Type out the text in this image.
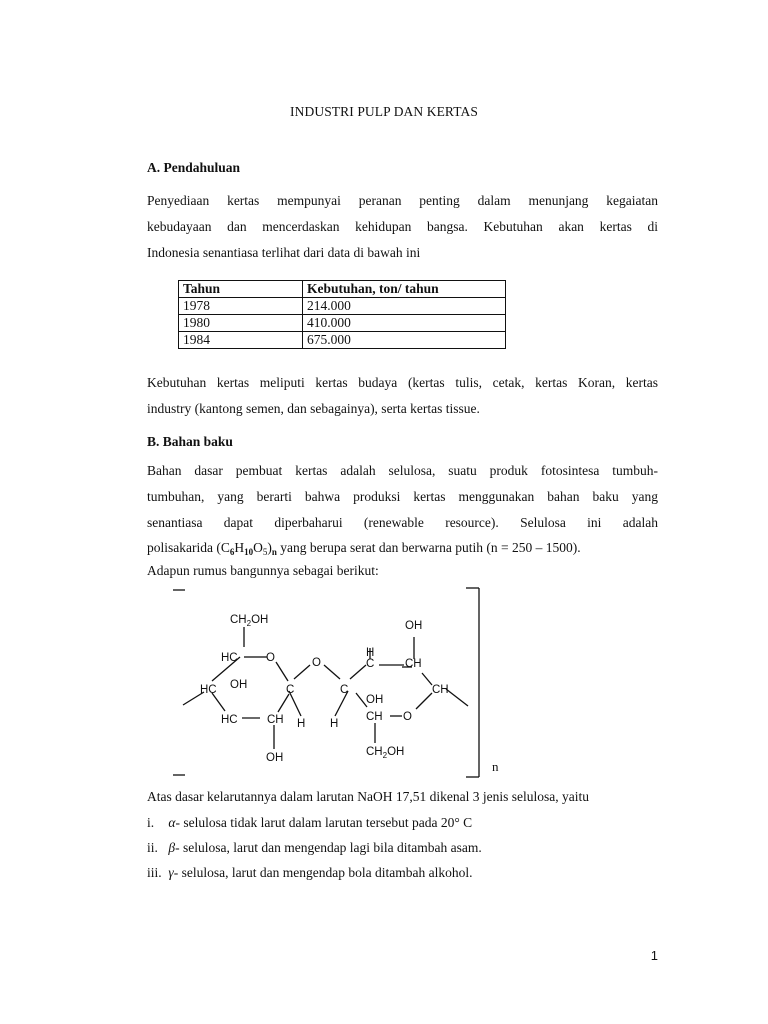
INDUSTRI PULP DAN KERTAS
A. Pendahuluan

Penyediaan kertas mempunyai peranan penting dalam menunjang kegaiatan
kebudayaan dan mencerdaskan kehidupan bangsa. Kebutuhan akan kertas di
Indonesia senantiasa terlihat dari data di bawah ini

Tahun	Kebutuhan, ton/ tahun
1978	214.000
1980	410.000
1984	675.000

Kebutuhan kertas meliputi kertas budaya (kertas tulis, cetak, kertas Koran, kertas
industry (kantong semen, dan sebagainya), serta kertas tissue.

B. Bahan baku

Bahan dasar pembuat kertas adalah selulosa, suatu produk fotosintesa tumbuh-
tumbuhan, yang berarti bahwa produksi kertas menggunakan bahan baku yang
senantiasa dapat diperbaharui (renewable resource). Selulosa ini adalah
polisakarida $(C_6H_{10}O_5)_n$ yang berupa serat dan berwarna putih (n = 250 – 1500).

Adapun rumus bangunnya sebagai berikut:
$CH_2OH$
HC O	O
HC OH	C
HC	CH H
OH
H
C	CH
OH
C
OH
CH
H
CH O
$CH_2OH$
n
Atas dasar kelarutannya dalam larutan NaOH 17,51 dikenal 3 jenis selulosa, yaitu
i. α- selulosa tidak larut dalam larutan tersebut pada 20° C
ii. β- selulosa, larut dan mengendap lagi bila ditambah asam.
iii. γ- selulosa, larut dan mengendap bola ditambah alkohol.
1
